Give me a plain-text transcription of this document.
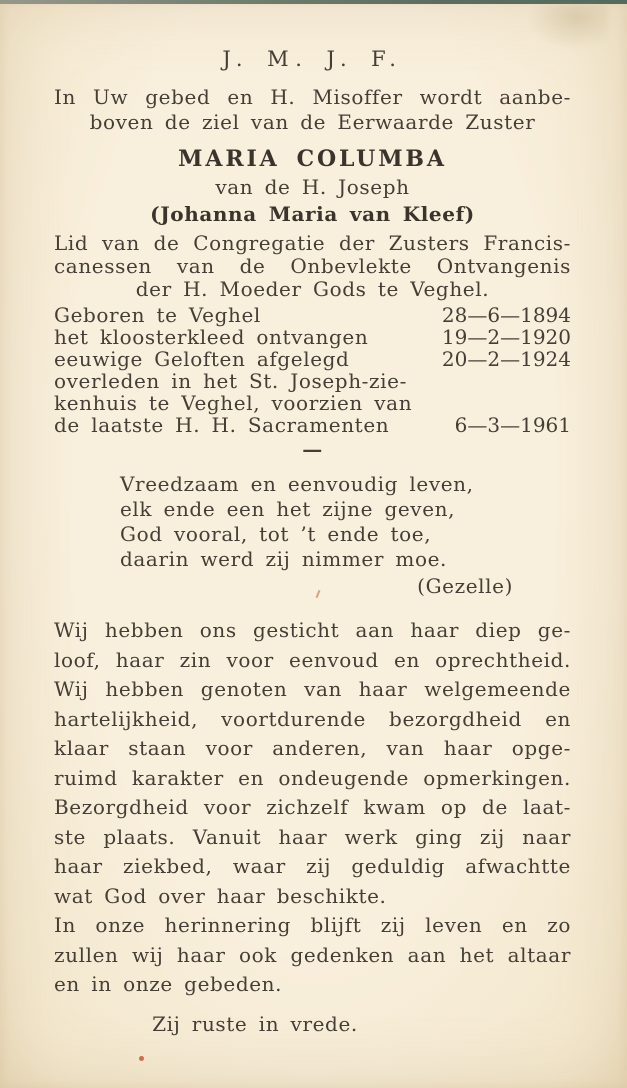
J. M. J. F.
In Uw gebed en H. Misoffer wordt aanbe-
boven de ziel van de Eerwaarde Zuster
MARIA COLUMBA
van de H. Joseph
(Johanna Maria van Kleef)
Lid van de Congregatie der Zusters Francis-
canessen van de Onbevlekte Ontvangenis
der H. Moeder Gods te Veghel.
Geboren te Veghel	28—6—1894
het kloosterkleed ontvangen	19—2—1920
eeuwige Geloften afgelegd	20—2—1924
overleden in het St. Joseph-zie-
kenhuis te Veghel, voorzien van
de laatste H. H. Sacramenten	6—3—1961
—
Vreedzaam en eenvoudig leven,
elk ende een het zijne geven,
God vooral, tot ’t ende toe,
daarin werd zij nimmer moe.
(Gezelle)
Wij hebben ons gesticht aan haar diep ge-
loof, haar zin voor eenvoud en oprechtheid.
Wij hebben genoten van haar welgemeende
hartelijkheid, voortdurende bezorgdheid en
klaar staan voor anderen, van haar opge-
ruimd karakter en ondeugende opmerkingen.
Bezorgdheid voor zichzelf kwam op de laat-
ste plaats. Vanuit haar werk ging zij naar
haar ziekbed, waar zij geduldig afwachtte
wat God over haar beschikte.
In onze herinnering blijft zij leven en zo
zullen wij haar ook gedenken aan het altaar
en in onze gebeden.
Zij ruste in vrede.
